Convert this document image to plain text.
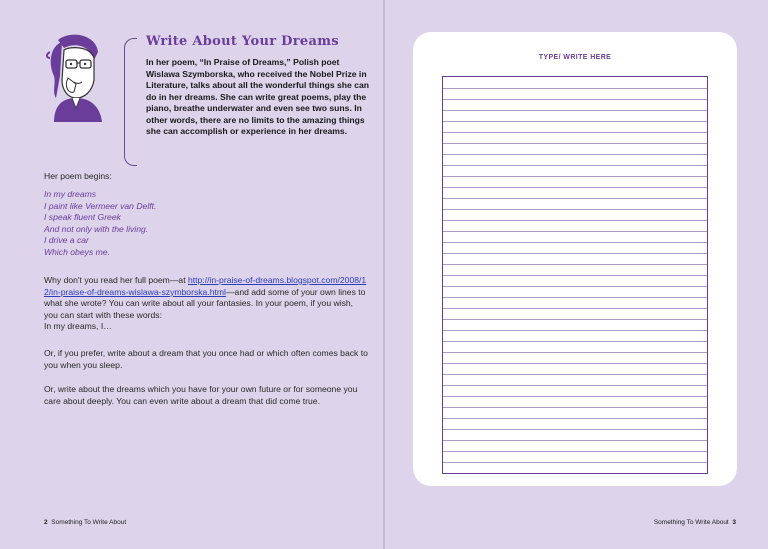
Write About Your Dreams
In her poem, “In Praise of Dreams,” Polish poet Wislawa Szymborska, who received the Nobel Prize in Literature, talks about all the wonderful things she can do in her dreams. She can write great poems, play the piano, breathe underwater and even see two suns. In other words, there are no limits to the amazing things she can accomplish or experience in her dreams.
Her poem begins:
In my dreams
I paint like Vermeer van Delft.
I speak fluent Greek
And not only with the living.
I drive a car
Which obeys me.
Why don't you read her full poem—at http://in-praise-of-dreams.blogspot.com/2008/12/in-praise-of-dreams-wislawa-szymborska.html—and add some of your own lines to what she wrote? You can write about all your fantasies. In your poem, if you wish, you can start with these words:
In my dreams, I…
Or, if you prefer, write about a dream that you once had or which often comes back to you when you sleep.
Or, write about the dreams which you have for your own future or for someone you care about deeply. You can even write about a dream that did come true.
2 Something To Write About	Something To Write About 3
TYPE/ WRITE HERE
